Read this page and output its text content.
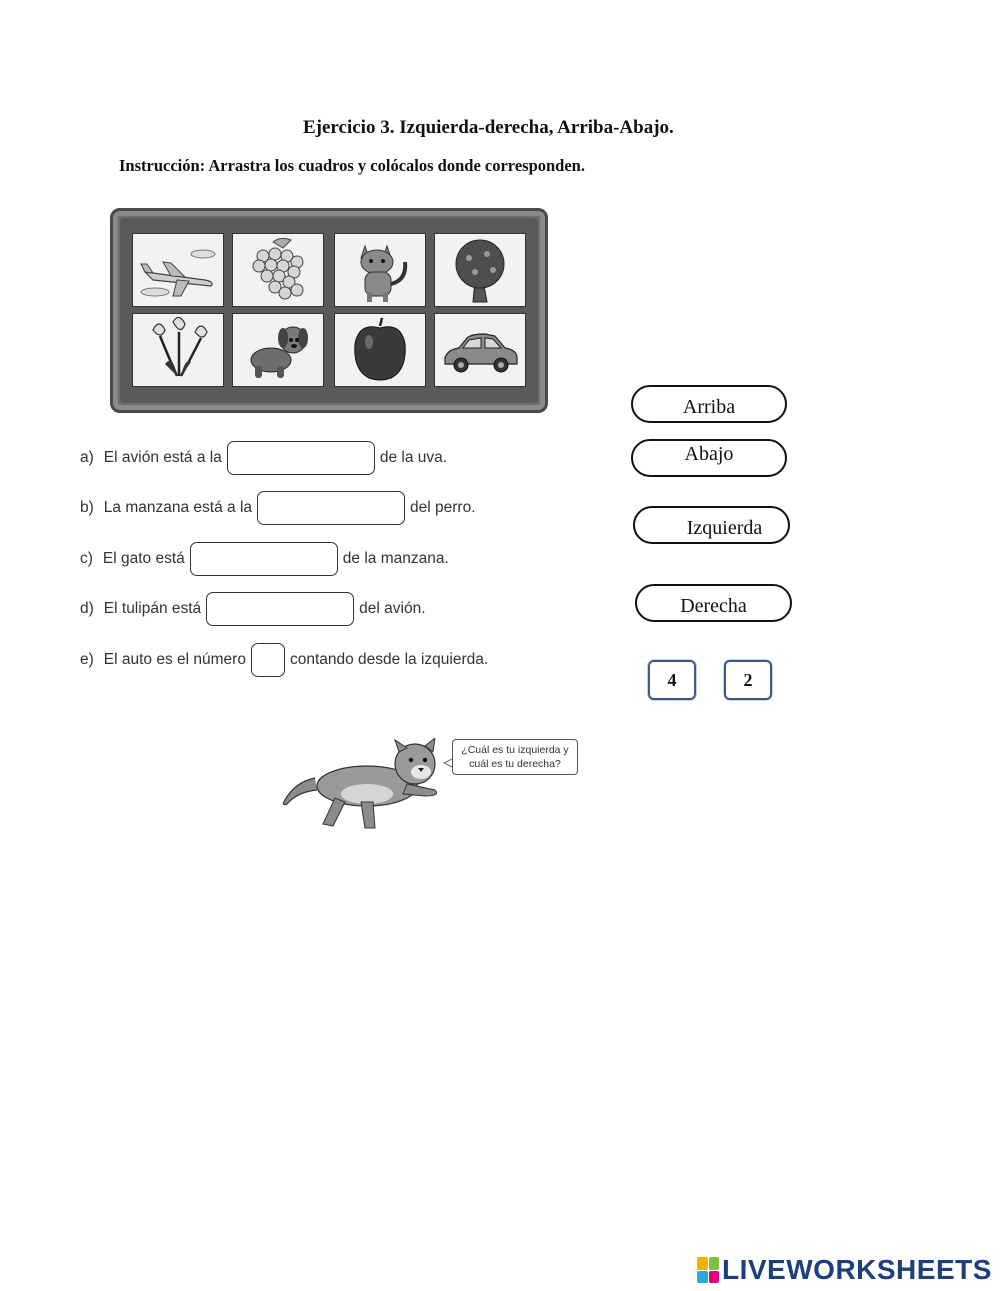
Ejercicio 3. Izquierda-derecha, Arriba-Abajo.
Instrucción: Arrastra los cuadros y colócalos donde corresponden.
a) El avión está a la	de la uva.
b) La manzana está a la	del perro.
c) El gato está	de la manzana.
d) El tulipán está	del avión.
e) El auto es el número	contando desde la izquierda.
Arriba
Abajo
Izquierda
Derecha
4	2
¿Cuál es tu izquierda y
cuál es tu derecha?
LIVEWORKSHEETS
